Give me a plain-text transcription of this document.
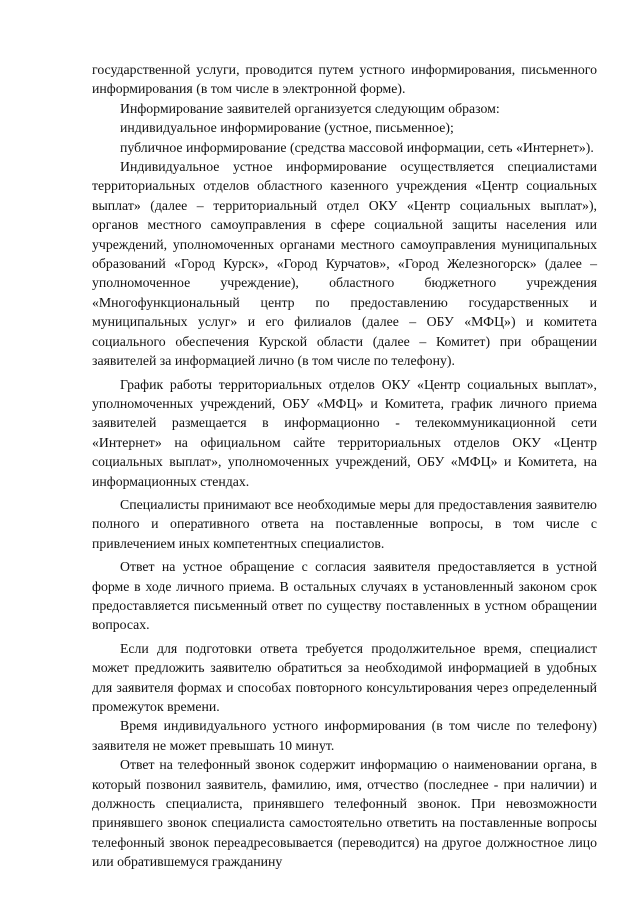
государственной услуги, проводится путем устного информирования, письменного информирования (в том числе в электронной форме).

Информирование заявителей организуется следующим образом:

индивидуальное информирование (устное, письменное);

публичное информирование (средства массовой информации, сеть «Интернет»).

Индивидуальное устное информирование осуществляется специалистами территориальных отделов областного казенного учреждения «Центр социальных выплат» (далее – территориальный отдел ОКУ «Центр социальных выплат»), органов местного самоуправления в сфере социальной защиты населения или учреждений, уполномоченных органами местного самоуправления муниципальных образований «Город Курск», «Город Курчатов», «Город Железногорск» (далее – уполномоченное учреждение), областного бюджетного учреждения «Многофункциональный центр по предоставлению государственных и муниципальных услуг» и его филиалов (далее – ОБУ «МФЦ») и комитета социального обеспечения Курской области (далее – Комитет) при обращении заявителей за информацией лично (в том числе по телефону).

График работы территориальных отделов ОКУ «Центр социальных выплат», уполномоченных учреждений, ОБУ «МФЦ» и Комитета, график личного приема заявителей размещается в информационно - телекоммуникационной сети «Интернет» на официальном сайте территориальных отделов ОКУ «Центр социальных выплат», уполномоченных учреждений, ОБУ «МФЦ» и Комитета, на информационных стендах.

Специалисты принимают все необходимые меры для предоставления заявителю полного и оперативного ответа на поставленные вопросы, в том числе с привлечением иных компетентных специалистов.

Ответ на устное обращение с согласия заявителя предоставляется в устной форме в ходе личного приема. В остальных случаях в установленный законом срок предоставляется письменный ответ по существу поставленных в устном обращении вопросах.

Если для подготовки ответа требуется продолжительное время, специалист может предложить заявителю обратиться за необходимой информацией в удобных для заявителя формах и способах повторного консультирования через определенный промежуток времени.

Время индивидуального устного информирования (в том числе по телефону) заявителя не может превышать 10 минут.

Ответ на телефонный звонок содержит информацию о наименовании органа, в который позвонил заявитель, фамилию, имя, отчество (последнее - при наличии) и должность специалиста, принявшего телефонный звонок. При невозможности принявшего звонок специалиста самостоятельно ответить на поставленные вопросы телефонный звонок переадресовывается (переводится) на другое должностное лицо или обратившемуся гражданину
